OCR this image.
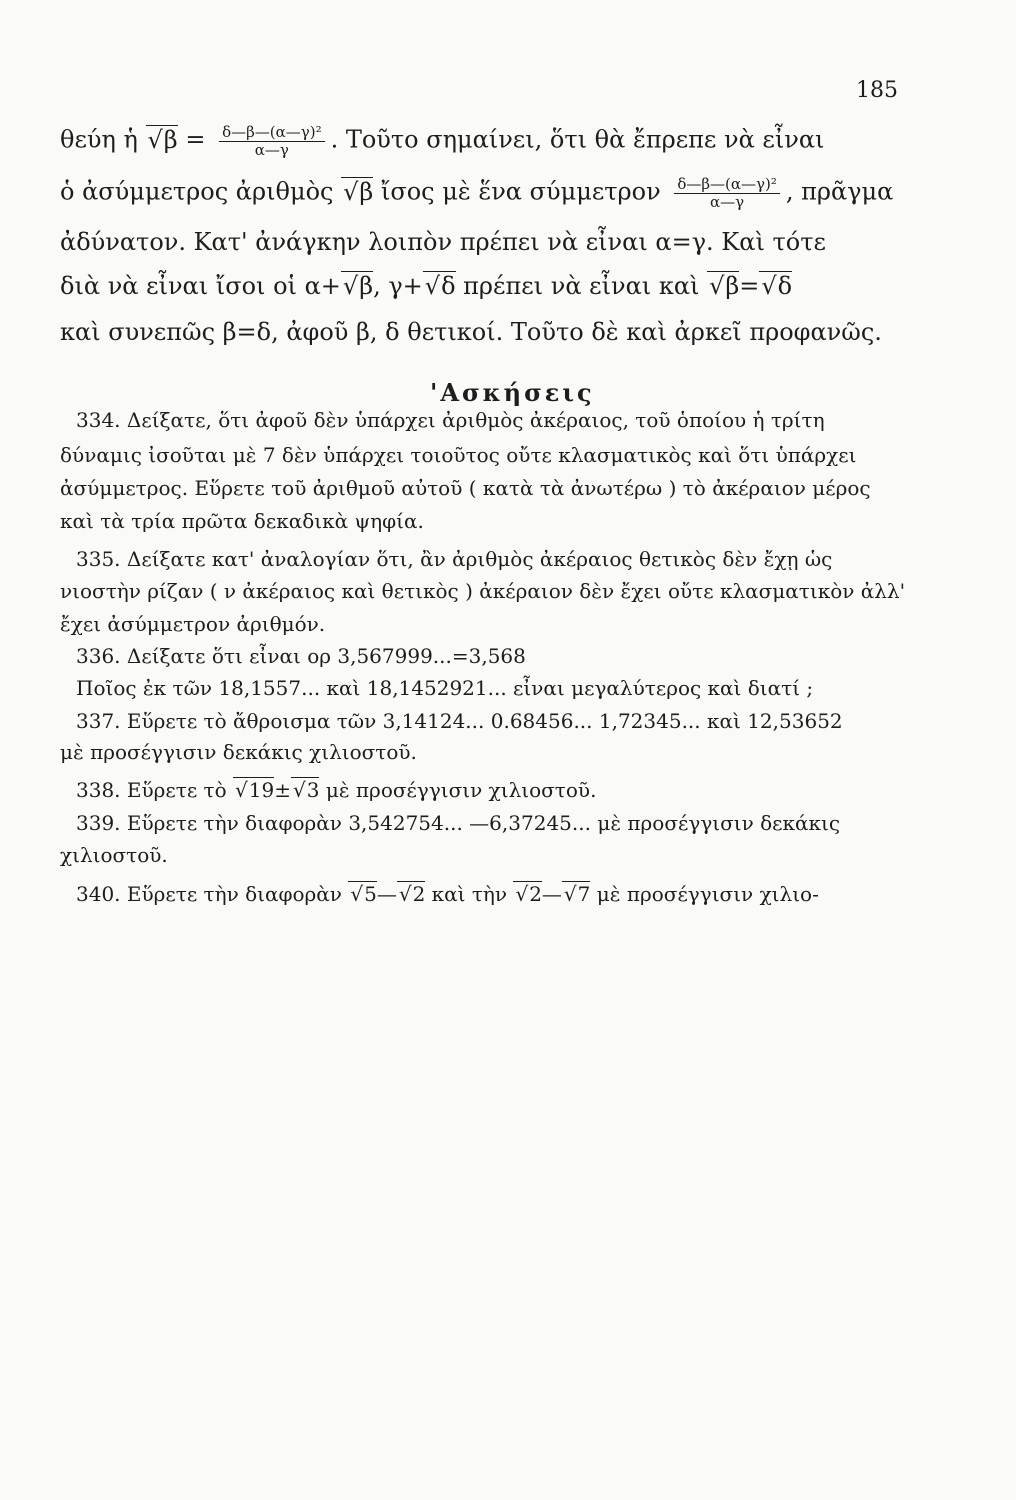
185
θεύη ἡ √ $\beta = \frac{\text{δ—β—(α—γ)²}}{\alpha—\gamma}$ . Τοῦτο σημαίνει, ὅτι θὰ ἔπρεπε νὰ εἶναι
ὁ ἀσύμμετρος ἀριθμὸς √ β ἴσος μὲ ἕνα σύμμετρον $\frac{\text{δ—β—(α—γ)²}}{\alpha—\gamma}$ , πρᾶγμα
ἀδύνατον. Κατ' ἀνάγκην λοιπὸν πρέπει νὰ εἶναι α=γ. Καὶ τότε
διὰ νὰ εἶναι ἴσοι οἱ α+ √ β, γ+ √ δ πρέπει νὰ εἶναι καὶ √ β= √ δ
καὶ συνεπῶς β=δ, ἀφοῦ β, δ θετικοί. Τοῦτο δὲ καὶ ἀρκεῖ προφανῶς.
'Ασκήσεις
334. Δείξατε, ὅτι ἀφοῦ δὲν ὑπάρχει ἀριθμὸς ἀκέραιος, τοῦ ὁποίου ἡ τρίτη
δύναμις ἰσοῦται μὲ 7 δὲν ὑπάρχει τοιοῦτος οὔτε κλασματικὸς καὶ ὅτι ὑπάρχει
ἀσύμμετρος. Εὕρετε τοῦ ἀριθμοῦ αὐτοῦ ( κατὰ τὰ ἀνωτέρω ) τὸ ἀκέραιον μέρος
καὶ τὰ τρία πρῶτα δεκαδικὰ ψηφία.
335. Δείξατε κατ' ἀναλογίαν ὅτι, ἂν ἀριθμὸς ἀκέραιος θετικὸς δὲν ἔχῃ ὡς
νιοστὴν ρίζαν ( ν ἀκέραιος καὶ θετικὸς ) ἀκέραιον δὲν ἔχει οὔτε κλασματικὸν ἀλλ'
ἔχει ἀσύμμετρον ἀριθμόν.
336. Δείξατε ὅτι εἶναι ορ 3,567999...=3,568
Ποῖος ἐκ τῶν 18,1557... καὶ 18,1452921... εἶναι μεγαλύτερος καὶ διατί ;
337. Εὕρετε τὸ ἄθροισμα τῶν 3,14124... 0.68456... 1,72345... καὶ 12,53652
μὲ προσέγγισιν δεκάκις χιλιοστοῦ.
338. Εὕρετε τὸ √ 19± √ 3 μὲ προσέγγισιν χιλιοστοῦ.
339. Εὕρετε τὴν διαφορὰν 3,542754... —6,37245... μὲ προσέγγισιν δεκάκις
χιλιοστοῦ.
340. Εὕρετε τὴν διαφορὰν √ 5— √ 2 καὶ τὴν √ 2— √ 7 μὲ προσέγγισιν χιλιο-
